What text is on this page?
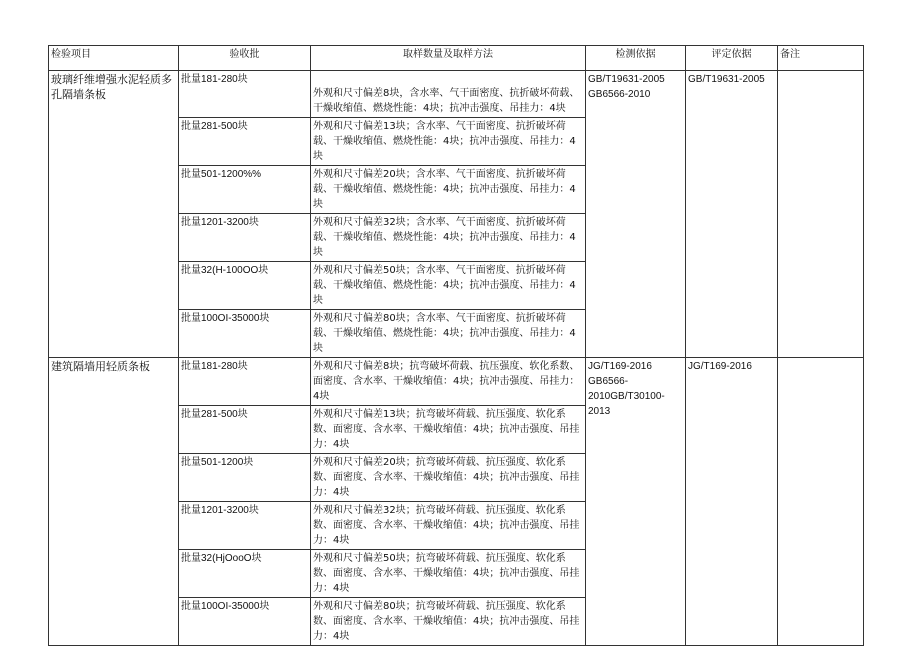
检验项目	验收批	取样数量及取样方法	检测依据	评定依据	备注
玻璃纤维增强水泥轻质多孔隔墙条板	批量181-280块	外观和尺寸偏差8块，含水率、气干面密度、抗折破坏荷载、干燥收缩值、燃烧性能：4块；抗冲击强度、吊挂力：4块	GB/T19631-2005
GB6566-2010	GB/T19631-2005	
	批量281-500块	外观和尺寸偏差13块；含水率、气干面密度、抗折破坏荷载、干燥收缩值、燃烧性能：4块；抗冲击强度、吊挂力：4块			
	批量501-1200%%	外观和尺寸偏差20块；含水率、气干面密度、抗折破坏荷载、干燥收缩值、燃烧性能：4块；抗冲击强度、吊挂力：4块			
	批量1201-3200块	外观和尺寸偏差32块；含水率、气干面密度、抗折破坏荷载、干燥收缩值、燃烧性能：4块；抗冲击强度、吊挂力：4块			
	批量32(H-100OO块	外观和尺寸偏差50块；含水率、气干面密度、抗折破坏荷载、干燥收缩值、燃烧性能：4块；抗冲击强度、吊挂力：4块			
	批量100OI-35000块	外观和尺寸偏差80块；含水率、气干面密度、抗折破坏荷载、干燥收缩值、燃烧性能：4块；抗冲击强度、吊挂力：4块			
建筑隔墙用轻质条板	批量181-280块	外观和尺寸偏差8块；抗弯破坏荷载、抗压强度、软化系数、面密度、含水率、干燥收缩值：4块；抗冲击强度、吊挂力：4块	JG/T169-2016
GB6566-
2010GB/T30100-2013	JG/T169-2016	
	批量281-500块	外观和尺寸偏差13块；抗弯破坏荷载、抗压强度、软化系数、面密度、含水率、干燥收缩值：4块；抗冲击强度、吊挂力：4块			
	批量501-1200块	外观和尺寸偏差20块；抗弯破坏荷载、抗压强度、软化系数、面密度、含水率、干燥收缩值：4块；抗冲击强度、吊挂力：4块			
	批量1201-3200块	外观和尺寸偏差32块；抗弯破坏荷载、抗压强度、软化系数、面密度、含水率、干燥收缩值：4块；抗冲击强度、吊挂力：4块			
	批量32(HjOooO块	外观和尺寸偏差50块；抗弯破坏荷载、抗压强度、软化系数、面密度、含水率、干燥收缩值：4块；抗冲击强度、吊挂力：4块			
	批量100OI-35000块	外观和尺寸偏差80块；抗弯破坏荷载、抗压强度、软化系数、面密度、含水率、干燥收缩值：4块；抗冲击强度、吊挂力：4块			
